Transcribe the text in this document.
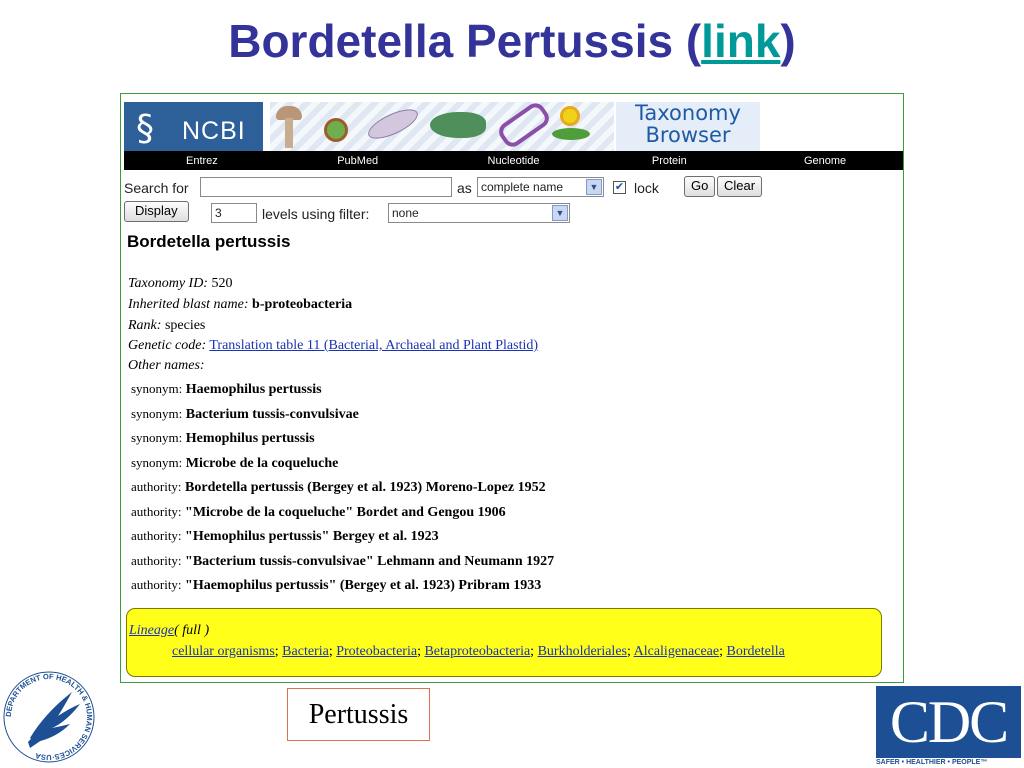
Bordetella Pertussis (link)
§ NCBI
Taxonomy
Browser
Entrez	PubMed	Nucleotide	Protein	Genome
Search for	as complete name	▼	✔ lock	Go	Clear
Display	3	levels using filter:	none	▼
Bordetella pertussis
Taxonomy ID: 520
Inherited blast name: b-proteobacteria
Rank: species
Genetic code: Translation table 11 (Bacterial, Archaeal and Plant Plastid)
Other names:
synonym: Haemophilus pertussis
synonym: Bacterium tussis-convulsivae
synonym: Hemophilus pertussis
synonym: Microbe de la coqueluche
authority: Bordetella pertussis (Bergey et al. 1923) Moreno-Lopez 1952
authority: "Microbe de la coqueluche" Bordet and Gengou 1906
authority: "Hemophilus pertussis" Bergey et al. 1923
authority: "Bacterium tussis-convulsivae" Lehmann and Neumann 1927
authority: "Haemophilus pertussis" (Bergey et al. 1923) Pribram 1933
Lineage( full )
cellular organisms; Bacteria; Proteobacteria; Betaproteobacteria; Burkholderiales; Alcaligenaceae; Bordetella
Pertussis
DEPARTMENT OF HEALTH & HUMAN SERVICES·USA
CDC
SAFER • HEALTHIER • PEOPLE™
